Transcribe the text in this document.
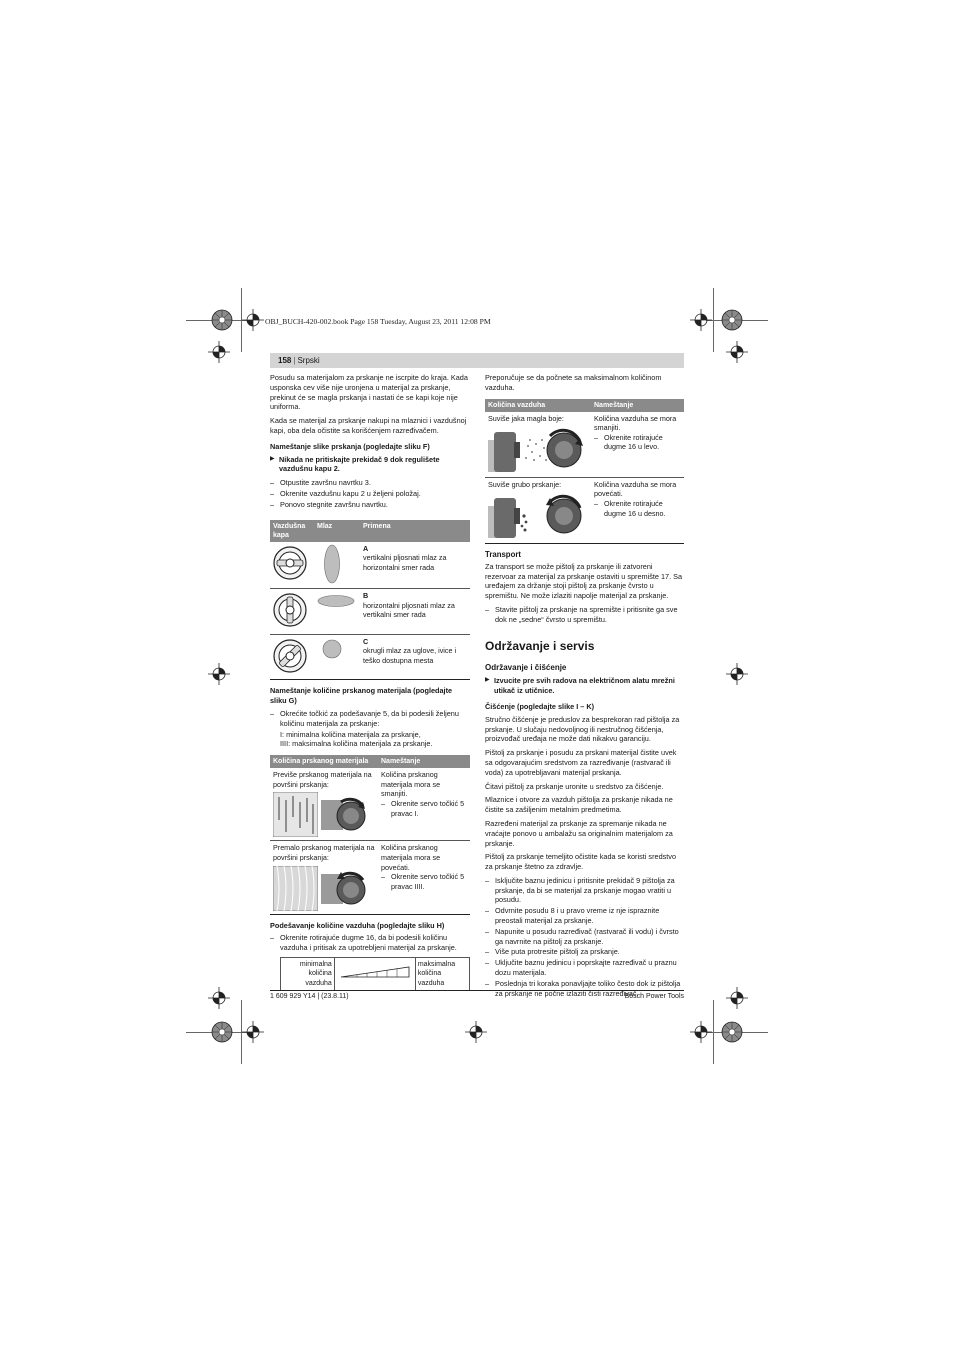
OBJ_BUCH-420-002.book Page 158 Tuesday, August 23, 2011 12:08 PM
158 | Srpski

Posudu sa materijalom za prskanje ne iscrpite do kraja. Kada usponska cev više nije uronjena u materijal za prskanje, prekinut će se magla prskanja i nastati će se kapi koje nije uniforma.

Kada se materijal za prskanje nakupi na mlaznici i vazdušnoj kapi, oba dela očistite sa korišćenjem razređivačem.

Nameštanje slike prskanja (pogledajte sliku F)
▶ Nikada ne pritiskajte prekidač 9 dok regulišete vazdušnu kapu 2.
– Otpustite završnu navrtku 3.
– Okrenite vazdušnu kapu 2 u željeni položaj.
– Ponovo stegnite završnu navrtku.
Vazdušna kapa	Mlaz	Primena

A
vertikalni pljosnati mlaz za horizontalni smer rada

B
horizontalni pljosnati mlaz za vertikalni smer rada

C
okrugli mlaz za uglove, ivice i teško dostupna mesta
Nameštanje količine prskanog materijala (pogledajte sliku G)
– Okrećite točkić za podešavanje 5, da bi podesili željenu količinu materijala za prskanje:

I: minimalna količina materijala za prskanje,

IIII: maksimalna količina materijala za prskanje.

Količina prskanog materijala	Nameštanje

Previše prskanog materijala na površini prskanja:	Količina prskanog materijala mora se smanjiti.
– Okrenite servo točkić 5 pravac I.

Premalo prskanog materijala na površini prskanja:	Količina prskanog materijala mora se povećati.
– Okrenite servo točkić 5 pravac IIII.
Podešavanje količine vazduha (pogledajte sliku H)
– Okrenite rotirajuće dugme 16, da bi podesili količinu vazduha i pritisak za upotrebljeni materijal za prskanje.
minimalna količina vazduha		maksimalna količina vazduha

Preporučuje se da počnete sa maksimalnom količinom vazduha.

Količina vazduha	Nameštanje

Suviše jaka magla boje:	Količina vazduha se mora smanjiti.
– Okrenite rotirajuće dugme 16 u levo.

Suviše grubo prskanje:	Količina vazduha se mora povećati.
– Okrenite rotirajuće dugme 16 u desno.
Transport

Za transport se može pištolj za prskanje ili zatvoreni rezervoar za materijal za prskanje ostaviti u spremište 17. Sa uređajem za držanje stoji pištolj za prskanje čvrsto u spremištu. Ne može izlaziti napolje materijal za prskanje.

– Stavite pištolj za prskanje na spremište i pritisnite ga sve dok ne „sedne“ čvrsto u spremištu.
Održavanje i servis
Održavanje i čišćenje
▶ Izvucite pre svih radova na električnom alatu mrežni utikač iz utičnice.
Čišćenje (pogledajte slike I – K)

Stručno čišćenje je preduslov za besprekoran rad pištolja za prskanje. U slučaju nedovoljnog ili nestručnog čišćenja, proizvođač uređaja ne može dati nikakvu garanciju.

Pištolj za prskanje i posudu za prskani materijal čistite uvek sa odgovarajućim sredstvom za razređivanje (rastvarač ili voda) za upotrebljavani materijal prskanja.

Čitavi pištolj za prskanje uronite u sredstvo za čišćenje.

Mlaznice i otvore za vazduh pištolja za prskanje nikada ne čistite sa zašiljenim metalnim predmetima.

Razređeni materijal za prskanje za spremanje nikada ne vraćajte ponovo u ambalažu sa originalnim materijalom za prskanje.

Pištolj za prskanje temeljito očistite kada se koristi sredstvo za prskanje štetno za zdravlje.

– Isključite baznu jedinicu i pritisnite prekidač 9 pištolja za prskanje, da bi se materijal za prskanje mogao vratiti u posudu.
– Odvrnite posudu 8 i u pravo vreme iz nje ispraznite preostali materijal za prskanje.
– Napunite u posudu razređivač (rastvarač ili vodu) i čvrsto ga navrnite na pištolj za prskanje.
– Više puta protresite pištolj za prskanje.
– Uključite baznu jedinicu i poprskajte razređivač u praznu dozu materijala.
– Poslednja tri koraka ponavljajte toliko često dok iz pištolja za prskanje ne počne izlaziti čisti razređivač.
1 609 929 Y14 | (23.8.11)	Bosch Power Tools
